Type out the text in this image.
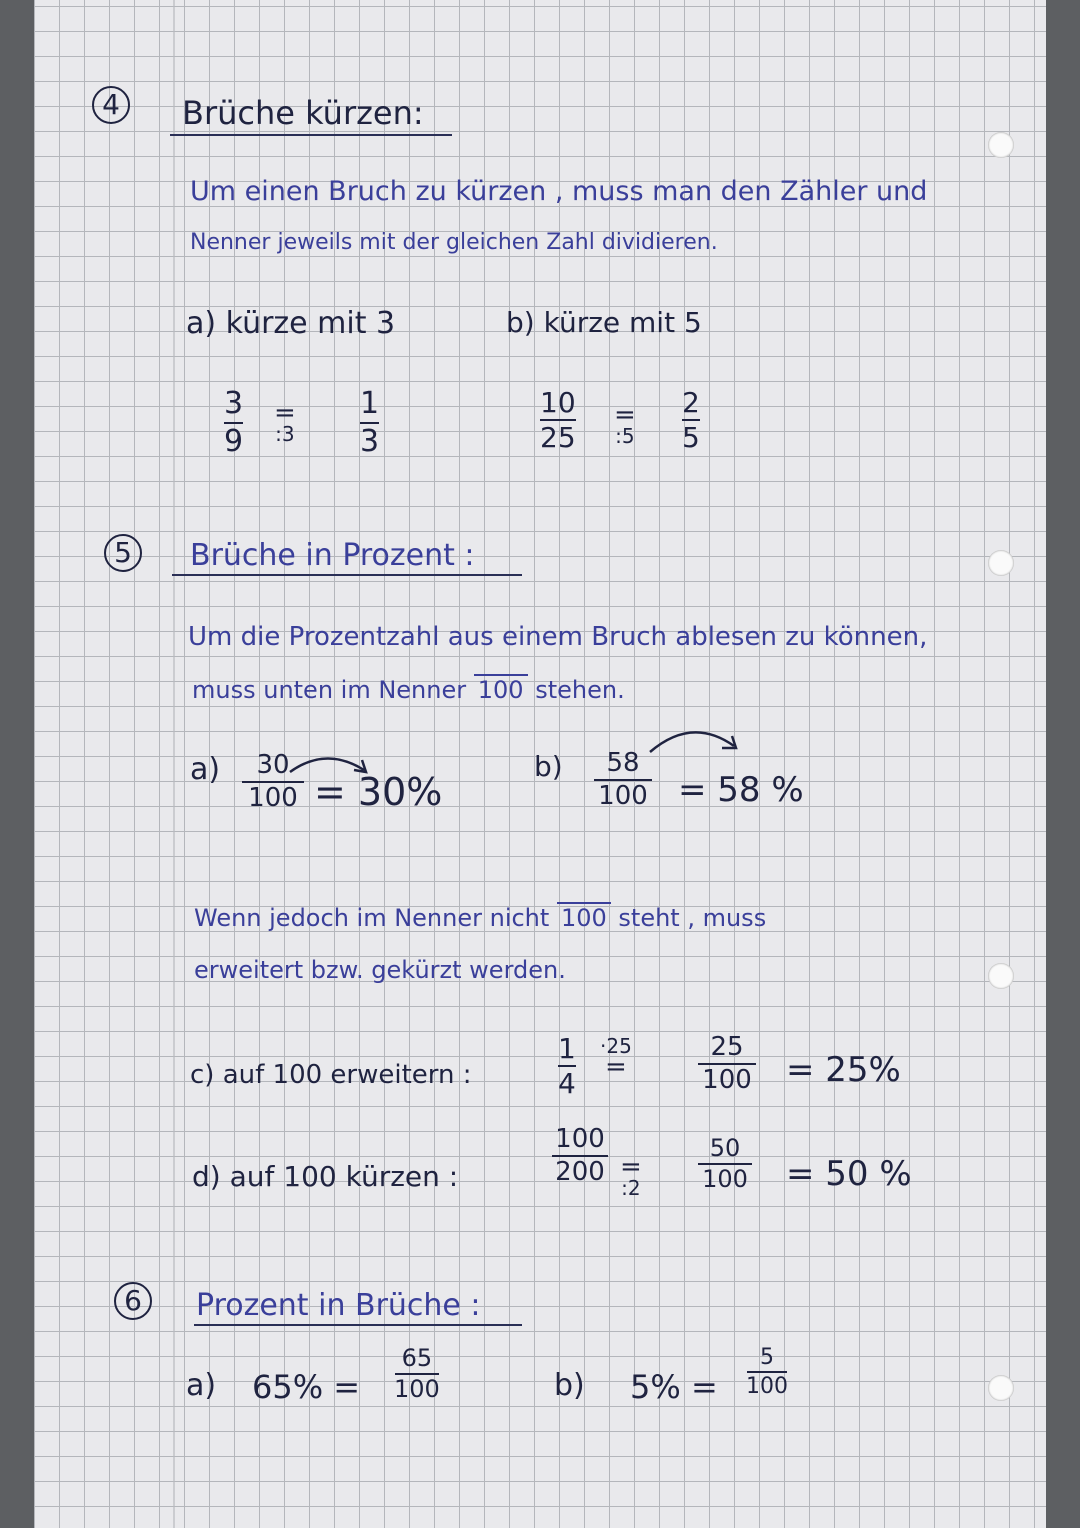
4	Brüche kürzen:
Um einen Bruch zu kürzen , muss man den Zähler und
Nenner jeweils mit der gleichen Zahl dividieren.
a) kürze mit 3	b) kürze mit 5
3
9
=
:3
1
3
10
25
=
:5
2
5
5	Brüche in Prozent :
Um die Prozentzahl aus einem Bruch ablesen zu können,
muss unten im Nenner 100 stehen.
a) 30
100 = 30%
b) 58
100 = 58 %
Wenn jedoch im Nenner nicht 100 steht , muss
erweitert bzw. gekürzt werden.
c) auf 100 erweitern :
1
4
·25
=
25
100 = 25%
d) auf 100 kürzen :
100
200 =
:2
50
100 = 50 %
6	Prozent in Brüche :
a) 65% =
65
100	b) 5% =
5
100
